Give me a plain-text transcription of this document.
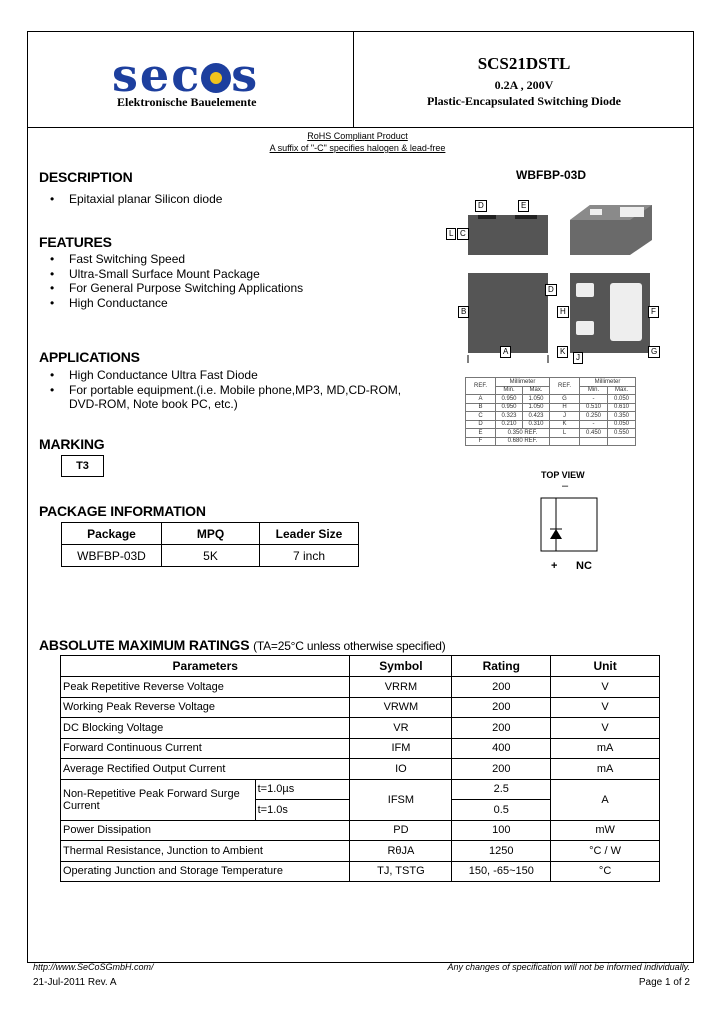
sec s
Elektronische Bauelemente
SCS21DSTL
0.2A , 200V
Plastic-Encapsulated Switching Diode
RoHS Compliant Product
A suffix of "-C" specifies halogen & lead-free
DESCRIPTION
• Epitaxial planar Silicon diode
FEATURES
• Fast Switching Speed
• Ultra-Small Surface Mount Package
• For General Purpose Switching Applications
• High Conductance
APPLICATIONS
• High Conductance Ultra Fast Diode
• For portable equipment.(i.e. Mobile phone,MP3, MD,CD-ROM,
DVD-ROM, Note book PC, etc.)
MARKING
T3
PACKAGE INFORMATION
Package	MPQ	Leader Size
WBFBP-03D	5K	7 inch
WBFBP-03D
D	E
L C
D
B	F
H
A	K
J
G
REF.	Millimeter		REF.	Millimeter	
	Min.	Max.		Min.	Max.
A	0.950	1.050	G	-	0.050
B	0.950	1.050	H	0.510	0.610
C	0.323	0.423	J	0.250	0.350
D	0.210	0.310	K	-	0.050
E	0.350 REF.		L	0.450	0.550
F	0.680 REF.				
TOP VIEW
–
+ NC
ABSOLUTE MAXIMUM RATINGS (TA=25°C unless otherwise specified)
Parameters		Symbol	Rating	Unit
Peak Repetitive Reverse Voltage		VRRM	200	V
Working Peak Reverse Voltage		VRWM	200	V
DC Blocking Voltage		VR	200	V
Forward Continuous Current		IFM	400	mA
Average Rectified Output Current		IO	200	mA
Non-Repetitive Peak Forward Surge Current	t=1.0µs	IFSM	2.5	A
	t=1.0s		0.5	
Power Dissipation		PD	100	mW
Thermal Resistance, Junction to Ambient		RθJA	1250	°C / W
Operating Junction and Storage Temperature		TJ, TSTG	150, -65~150	°C
http://www.SeCoSGmbH.com/	Any changes of specification will not be informed individually.
21-Jul-2011 Rev. A	Page 1 of 2
